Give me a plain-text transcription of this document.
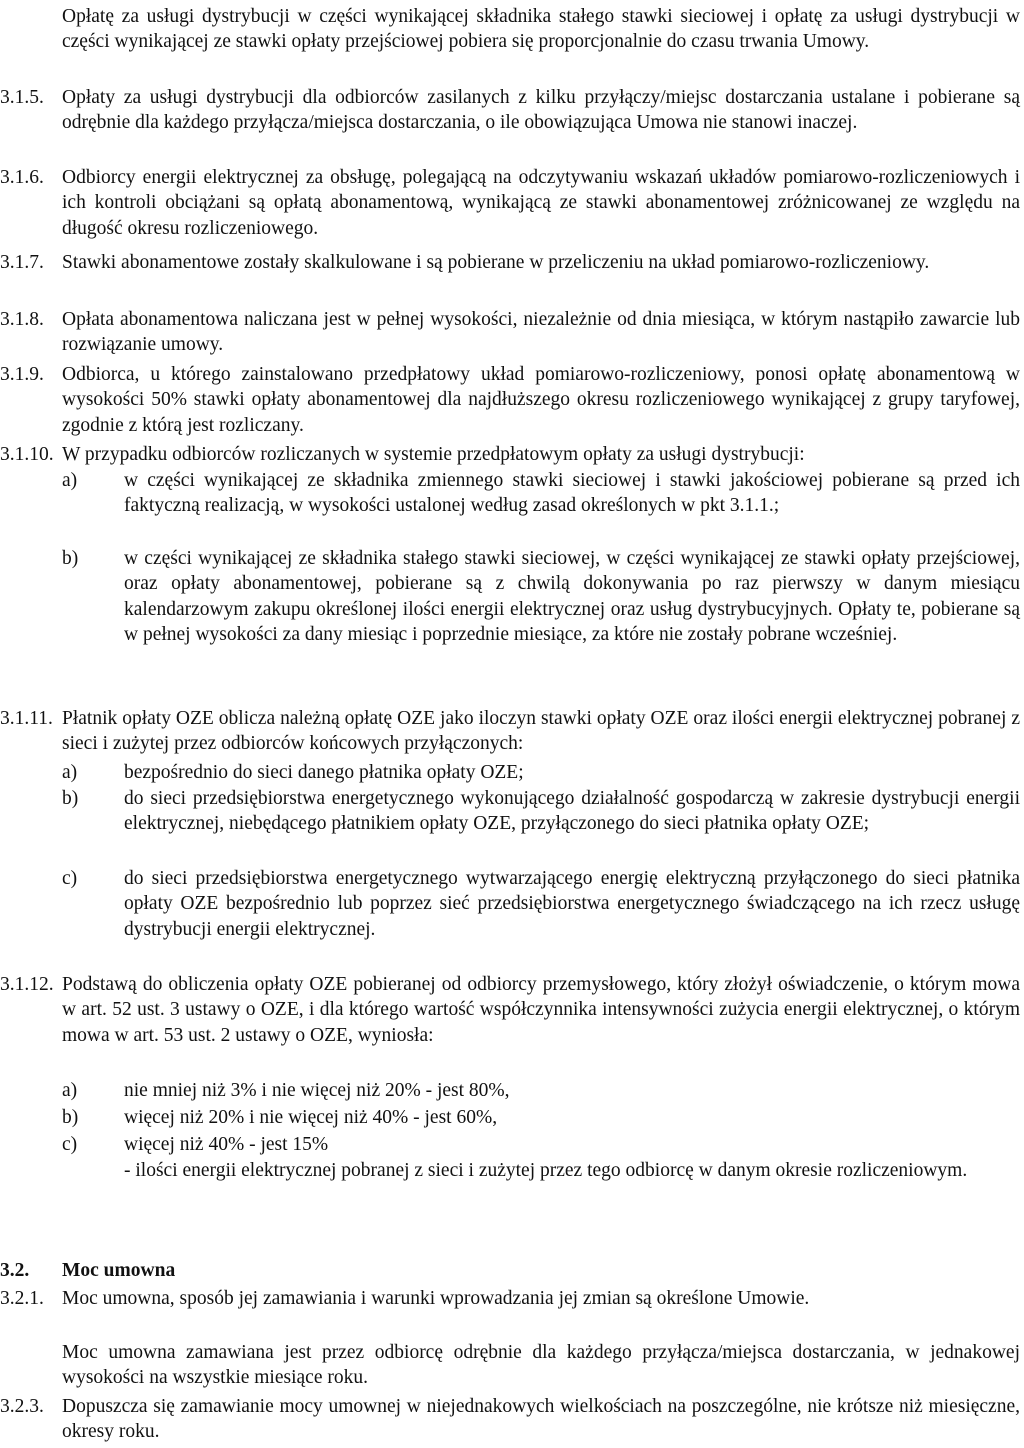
Opłatę za usługi dystrybucji w części wynikającej składnika stałego stawki sieciowej i opłatę za usługi dystrybucji w części wynikającej ze stawki opłaty przejściowej pobiera się proporcjonalnie do czasu trwania Umowy.
3.1.5. Opłaty za usługi dystrybucji dla odbiorców zasilanych z kilku przyłączy/miejsc dostarczania ustalane i pobierane są odrębnie dla każdego przyłącza/miejsca dostarczania, o ile obowiązująca Umowa nie stanowi inaczej.
3.1.6. Odbiorcy energii elektrycznej za obsługę, polegającą na odczytywaniu wskazań układów pomiarowo-rozliczeniowych i ich kontroli obciążani są opłatą abonamentową, wynikającą ze stawki abonamentowej zróżnicowanej ze względu na długość okresu rozliczeniowego.
3.1.7. Stawki abonamentowe zostały skalkulowane i są pobierane w przeliczeniu na układ pomiarowo-rozliczeniowy.
3.1.8. Opłata abonamentowa naliczana jest w pełnej wysokości, niezależnie od dnia miesiąca, w którym nastąpiło zawarcie lub rozwiązanie umowy.
3.1.9. Odbiorca, u którego zainstalowano przedpłatowy układ pomiarowo-rozliczeniowy, ponosi opłatę abonamentową w wysokości 50% stawki opłaty abonamentowej dla najdłuższego okresu rozliczeniowego wynikającej z grupy taryfowej, zgodnie z którą jest rozliczany.
3.1.10. W przypadku odbiorców rozliczanych w systemie przedpłatowym opłaty za usługi dystrybucji:
a) w części wynikającej ze składnika zmiennego stawki sieciowej i stawki jakościowej pobierane są przed ich faktyczną realizacją, w wysokości ustalonej według zasad określonych w pkt 3.1.1.;
b) w części wynikającej ze składnika stałego stawki sieciowej, w części wynikającej ze stawki opłaty przejściowej, oraz opłaty abonamentowej, pobierane są z chwilą dokonywania po raz pierwszy w danym miesiącu kalendarzowym zakupu określonej ilości energii elektrycznej oraz usług dystrybucyjnych. Opłaty te, pobierane są w pełnej wysokości za dany miesiąc i poprzednie miesiące, za które nie zostały pobrane wcześniej.
3.1.11. Płatnik opłaty OZE oblicza należną opłatę OZE jako iloczyn stawki opłaty OZE oraz ilości energii elektrycznej pobranej z sieci i zużytej przez odbiorców końcowych przyłączonych:
a) bezpośrednio do sieci danego płatnika opłaty OZE;
b) do sieci przedsiębiorstwa energetycznego wykonującego działalność gospodarczą w zakresie dystrybucji energii elektrycznej, niebędącego płatnikiem opłaty OZE, przyłączonego do sieci płatnika opłaty OZE;
c) do sieci przedsiębiorstwa energetycznego wytwarzającego energię elektryczną przyłączonego do sieci płatnika opłaty OZE bezpośrednio lub poprzez sieć przedsiębiorstwa energetycznego świadczącego na ich rzecz usługę dystrybucji energii elektrycznej.
3.1.12. Podstawą do obliczenia opłaty OZE pobieranej od odbiorcy przemysłowego, który złożył oświadczenie, o którym mowa w art. 52 ust. 3 ustawy o OZE, i dla którego wartość współczynnika intensywności zużycia energii elektrycznej, o którym mowa w art. 53 ust. 2 ustawy o OZE, wyniosła:
a) nie mniej niż 3% i nie więcej niż 20% - jest 80%,
b) więcej niż 20% i nie więcej niż 40% - jest 60%,
c) więcej niż 40% - jest 15%
- ilości energii elektrycznej pobranej z sieci i zużytej przez tego odbiorcę w danym okresie rozliczeniowym.
3.2. Moc umowna
3.2.1. Moc umowna, sposób jej zamawiania i warunki wprowadzania jej zmian są określone Umowie.
Moc umowna zamawiana jest przez odbiorcę odrębnie dla każdego przyłącza/miejsca dostarczania, w jednakowej wysokości na wszystkie miesiące roku.
3.2.3. Dopuszcza się zamawianie mocy umownej w niejednakowych wielkościach na poszczególne, nie krótsze niż miesięczne, okresy roku.
